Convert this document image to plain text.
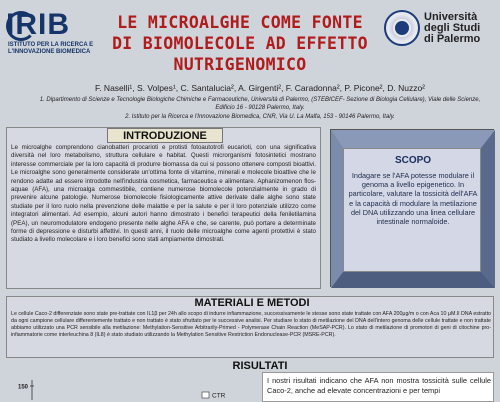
IRIB
ISTITUTO PER LA RICERCA E
L'INNOVAZIONE BIOMEDICA
LE MICROALGHE COME FONTE
DI BIOMOLECOLE AD EFFETTO
NUTRIGENOMICO
Università
degli Studi
di Palermo
F. Naselli¹, S. Volpes¹, C. Santalucia², A. Girgenti², F. Caradonna², P. Picone², D. Nuzzo²
1. Dipartimento di Scienze e Tecnologie Biologiche Chimiche e Farmaceutiche, Università di Palermo, (STEBICEF- Sezione di Biologia Cellulare), Viale delle Scienze, Edificio 16 - 90128 Palermo, Italy.
2. Istituto per la Ricerca e l'Innovazione Biomedica, CNR, Via U. La Malfa, 153 - 90146 Palermo, Italy.
INTRODUZIONE
Le microalghe comprendono cianobatteri procarioti e protisti fotoautotrofi eucarioti, con una significativa diversità nel loro metabolismo, struttura cellulare e habitat. Questi microrganismi fotosintetici mostrano interesse commerciale per la loro capacità di produrre biomassa da cui si possono ottenere composti bioattivi. Le microalghe sono generalmente considerate un'ottima fonte di vitamine, minerali e molecole bioattive che le rendono adatte ad essere introdotte nell'industria cosmetica, farmaceutica e alimentare. Aphanizomenon flos-aquae (AFA), una microalga commestibile, contiene numerose biomolecole potenzialmente in grado di prevenire alcune patologie. Numerose biomolecole fisiologicamente attive derivate dalle alghe sono state studiate per il loro ruolo nella prevenzione delle malattie e per la salute e per il loro potenziale utilizzo come integratori alimentari. Ad esempio, alcuni autori hanno dimostrato i benefici terapeutici della feniletilamina (PEA), un neuromodulatore endogeno presente nelle alghe AFA e che, se carente, può portare a determinate forme di depressione e disturbi affettivi. In questi anni, il ruolo delle microalghe come agenti protettivi è stato studiato a livello molecolare e i loro benefici sono stati ampiamente dimostrati.
SCOPO
Indagare se l'AFA potesse modulare il genoma a livello epigenetico. In particolare, valutare la tossicità dell'AFA e la capacità di modulare la metilazione del DNA utilizzando una linea cellulare intestinale normaloide.
MATERIALI E METODI
Le cellule Caco-2 differenziate sono state pre-trattate con IL1β per 24h allo scopo di indurre infiammazione, successivamente le stesse sono state trattate con AFA 200µg/m o con Aca 10 µM.Il DNA estratto da ogni campione cellulare differentemente trattato e non trattato è stato sfruttato per le successive analisi. Per studiare lo stato di metilazione del DNA dell'intero genoma delle cellule trattate e non trattate abbiamo utilizzato una PCR sensibile alla metilazione: Methylation-Sensitive Arbitrarily-Primed - Polymerase Chain Reaction (MeSAP-PCR). Lo stato di metilazione di promotori di geni di citochine pro-infiammatorie come interleuchina 8 (IL8) è stato studiato utilizzando la Methylation Sensitive Restriction Endonuclease-PCR (MSRE-PCR).
RISULTATI
150
CTR
I nostri risultati indicano che AFA non mostra tossicità sulle cellule Caco-2, anche ad elevate concentrazioni e per tempi
